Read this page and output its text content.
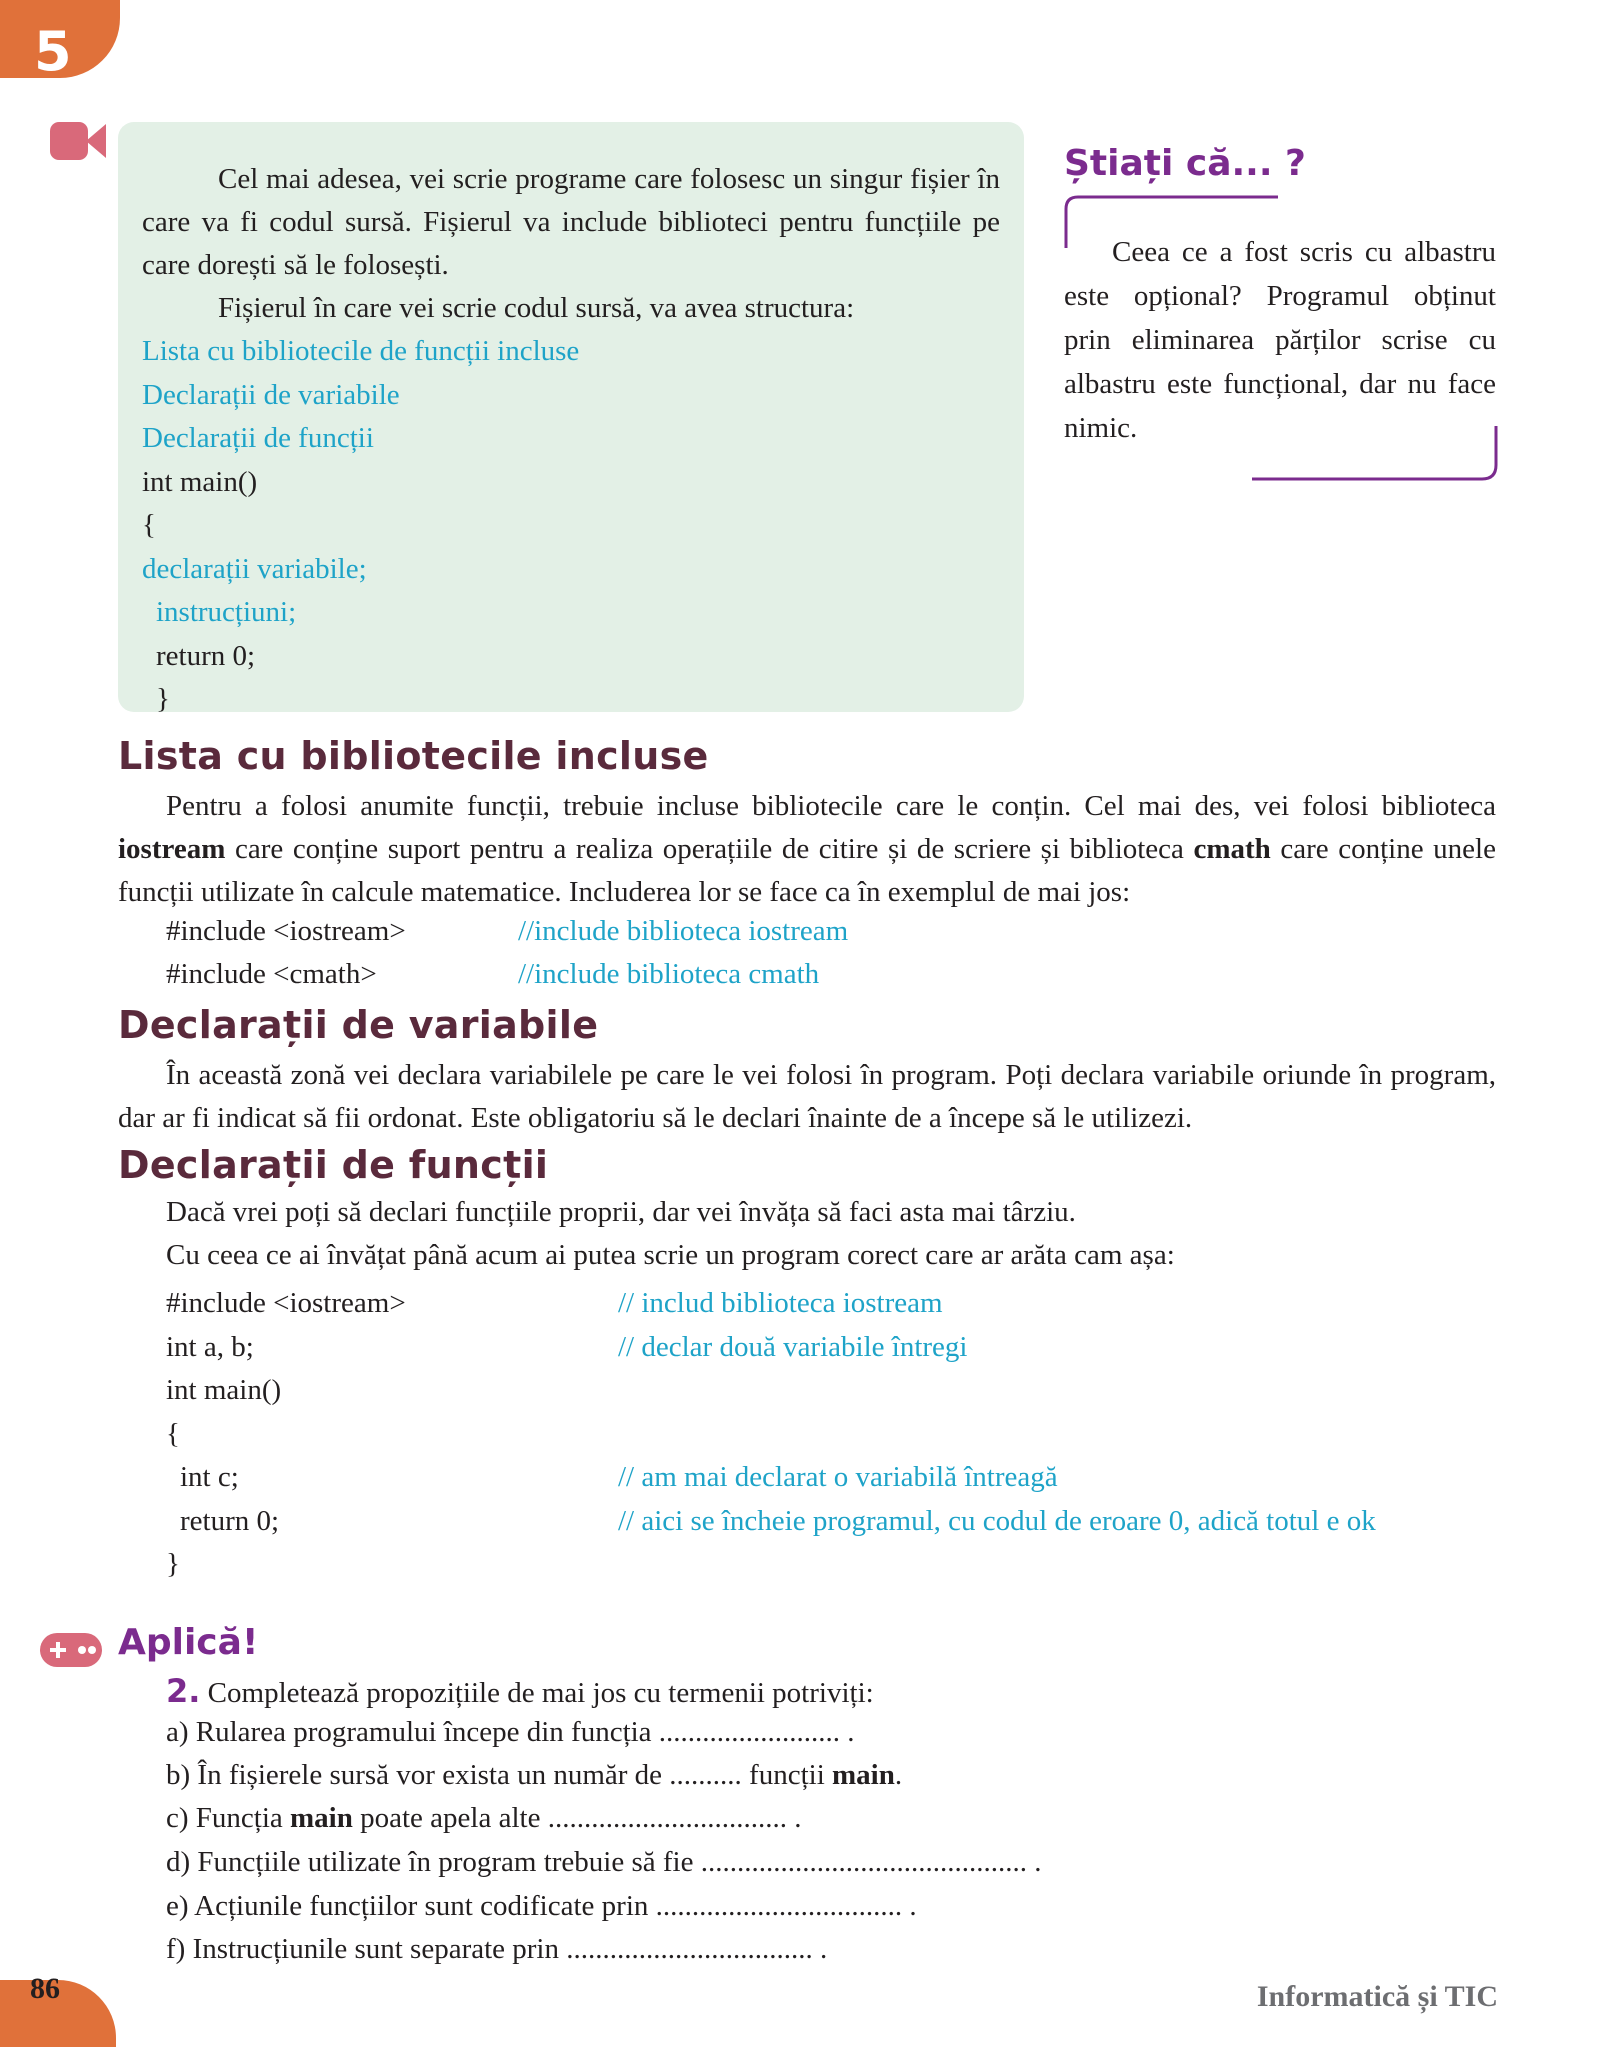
5
86	Informatică și TIC
Cel mai adesea, vei scrie programe care folosesc un singur fișier în care va fi codul sursă. Fișierul va include biblioteci pentru funcțiile pe care dorești să le folosești.
Fișierul în care vei scrie codul sursă, va avea structura:
Lista cu bibliotecile de funcții incluse
Declarații de variabile
Declarații de funcții
int main()
{
declarații variabile;
instrucțiuni;
return 0;
}
Știați că... ?
Ceea ce a fost scris cu albastru este opțional? Programul obținut prin eliminarea părților scrise cu albastru este funcțional, dar nu face nimic.
Lista cu bibliotecile incluse
Pentru a folosi anumite funcții, trebuie incluse bibliotecile care le conțin. Cel mai des, vei folosi biblioteca iostream care conține suport pentru a realiza operațiile de citire și de scriere și biblioteca cmath care conține unele funcții utilizate în calcule matematice. Includerea lor se face ca în exemplul de mai jos:
#include <iostream>	//include biblioteca iostream
#include <cmath>	//include biblioteca cmath
Declarații de variabile
În această zonă vei declara variabilele pe care le vei folosi în program. Poți declara variabile oriunde în program, dar ar fi indicat să fii ordonat. Este obligatoriu să le declari înainte de a începe să le utilizezi.
Declarații de funcții
Dacă vrei poți să declari funcțiile proprii, dar vei învăța să faci asta mai târziu.
Cu ceea ce ai învățat până acum ai putea scrie un program corect care ar arăta cam așa:
#include <iostream>	// includ biblioteca iostream
int a, b;	// declar două variabile întregi
int main()
{
int c;	// am mai declarat o variabilă întreagă
return 0;	// aici se încheie programul, cu codul de eroare 0, adică totul e ok
}
Aplică!
2. Completează propozițiile de mai jos cu termenii potriviți:
a) Rularea programului începe din funcția ......................... .
b) În fișierele sursă vor exista un număr de .......... funcții main.
c) Funcția main poate apela alte ................................. .
d) Funcțiile utilizate în program trebuie să fie ............................................. .
e) Acțiunile funcțiilor sunt codificate prin .................................. .
f) Instrucțiunile sunt separate prin .................................. .
